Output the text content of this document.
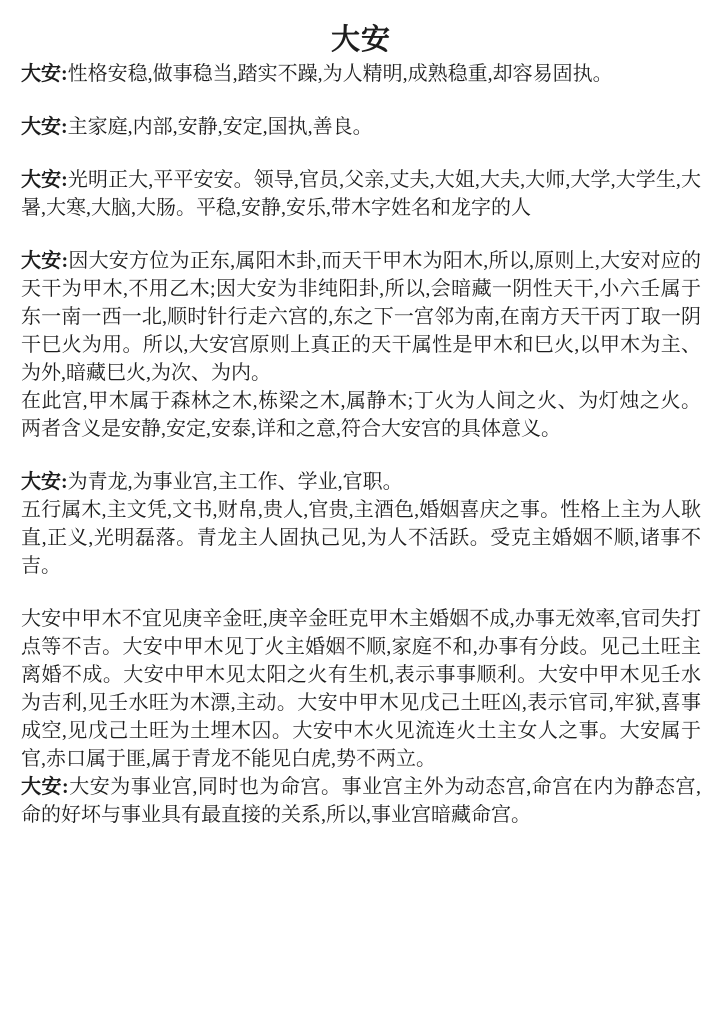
大安

大安:性格安稳,做事稳当,踏实不躁,为人精明,成熟稳重,却容易固执。

大安:主家庭,内部,安静,安定,国执,善良。

大安:光明正大,平平安安。领导,官员,父亲,丈夫,大姐,大夫,大师,大学,大学生,大暑,大寒,大脑,大肠。平稳,安静,安乐,带木字姓名和龙字的人

大安:因大安方位为正东,属阳木卦,而天干甲木为阳木,所以,原则上,大安对应的天干为甲木,不用乙木;因大安为非纯阳卦,所以,会暗藏一阴性天干,小六壬属于东一南一西一北,顺时针行走六宫的,东之下一宫邻为南,在南方天干丙丁取一阴干巳火为用。所以,大安宫原则上真正的天干属性是甲木和巳火,以甲木为主、为外,暗藏巳火,为次、为内。

在此宫,甲木属于森林之木,栋梁之木,属静木;丁火为人间之火、为灯烛之火。两者含义是安静,安定,安泰,详和之意,符合大安宫的具体意义。

大安:为青龙,为事业宫,主工作、学业,官职。

五行属木,主文凭,文书,财帛,贵人,官贵,主酒色,婚姻喜庆之事。性格上主为人耿直,正义,光明磊落。青龙主人固执己见,为人不活跃。受克主婚姻不顺,诸事不吉。

大安中甲木不宜见庚辛金旺,庚辛金旺克甲木主婚姻不成,办事无效率,官司失打点等不吉。大安中甲木见丁火主婚姻不顺,家庭不和,办事有分歧。见己土旺主离婚不成。大安中甲木见太阳之火有生机,表示事事顺利。大安中甲木见壬水为吉利,见壬水旺为木漂,主动。大安中甲木见戊己土旺凶,表示官司,牢狱,喜事成空,见戊己土旺为土埋木囚。大安中木火见流连火土主女人之事。大安属于官,赤口属于匪,属于青龙不能见白虎,势不两立。

大安:大安为事业宫,同时也为命宫。事业宫主外为动态宫,命宫在内为静态宫,命的好坏与事业具有最直接的关系,所以,事业宫暗藏命宫。
